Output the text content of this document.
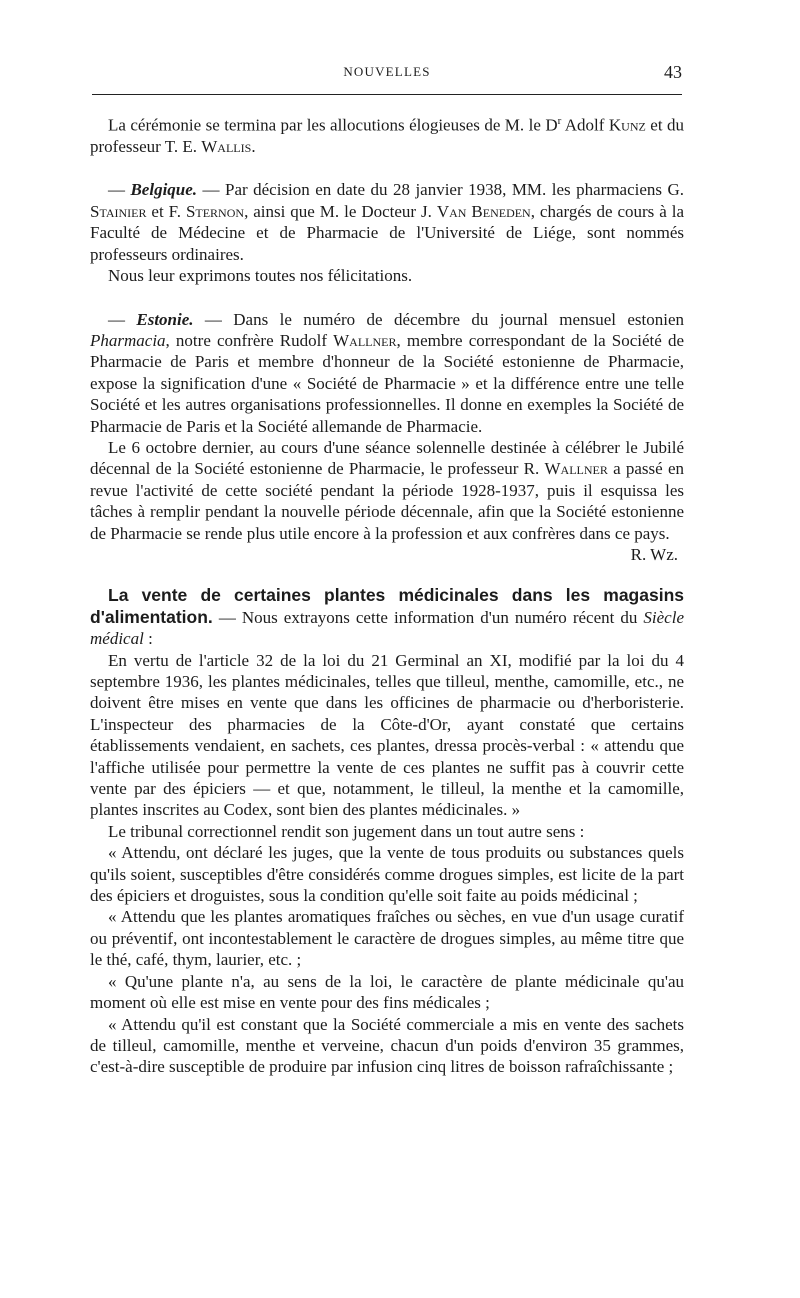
NOUVELLES	43

La cérémonie se termina par les allocutions élogieuses de M. le $D^r$ Adolf Kunz et du professeur T. E. Wallis.

— Belgique. — Par décision en date du 28 janvier 1938, MM. les pharmaciens G. Stainier et F. Sternon, ainsi que M. le Docteur J. Van Beneden, chargés de cours à la Faculté de Médecine et de Pharmacie de l'Université de Liége, sont nommés professeurs ordinaires.

Nous leur exprimons toutes nos félicitations.

— Estonie. — Dans le numéro de décembre du journal mensuel estonien Pharmacia, notre confrère Rudolf Wallner, membre correspondant de la Société de Pharmacie de Paris et membre d'honneur de la Société estonienne de Pharmacie, expose la signification d'une « Société de Pharmacie » et la différence entre une telle Société et les autres organisations professionnelles. Il donne en exemples la Société de Pharmacie de Paris et la Société allemande de Pharmacie.

Le 6 octobre dernier, au cours d'une séance solennelle destinée à célébrer le Jubilé décennal de la Société estonienne de Pharmacie, le professeur R. Wallner a passé en revue l'activité de cette société pendant la période 1928-1937, puis il esquissa les tâches à remplir pendant la nouvelle période décennale, afin que la Société estonienne de Pharmacie se rende plus utile encore à la profession et aux confrères dans ce pays.

R. Wz.

La vente de certaines plantes médicinales dans les magasins d'alimentation. — Nous extrayons cette information d'un numéro récent du Siècle médical :

En vertu de l'article 32 de la loi du 21 Germinal an XI, modifié par la loi du 4 septembre 1936, les plantes médicinales, telles que tilleul, menthe, camomille, etc., ne doivent être mises en vente que dans les officines de pharmacie ou d'herboristerie. L'inspecteur des pharmacies de la Côte-d'Or, ayant constaté que certains établissements vendaient, en sachets, ces plantes, dressa procès-verbal : « attendu que l'affiche utilisée pour permettre la vente de ces plantes ne suffit pas à couvrir cette vente par des épiciers — et que, notamment, le tilleul, la menthe et la camomille, plantes inscrites au Codex, sont bien des plantes médicinales. »

Le tribunal correctionnel rendit son jugement dans un tout autre sens :

« Attendu, ont déclaré les juges, que la vente de tous produits ou substances quels qu'ils soient, susceptibles d'être considérés comme drogues simples, est licite de la part des épiciers et droguistes, sous la condition qu'elle soit faite au poids médicinal ;

« Attendu que les plantes aromatiques fraîches ou sèches, en vue d'un usage curatif ou préventif, ont incontestablement le caractère de drogues simples, au même titre que le thé, café, thym, laurier, etc. ;

« Qu'une plante n'a, au sens de la loi, le caractère de plante médicinale qu'au moment où elle est mise en vente pour des fins médicales ;

« Attendu qu'il est constant que la Société commerciale a mis en vente des sachets de tilleul, camomille, menthe et verveine, chacun d'un poids d'environ 35 grammes, c'est-à-dire susceptible de produire par infusion cinq litres de boisson rafraîchissante ;
